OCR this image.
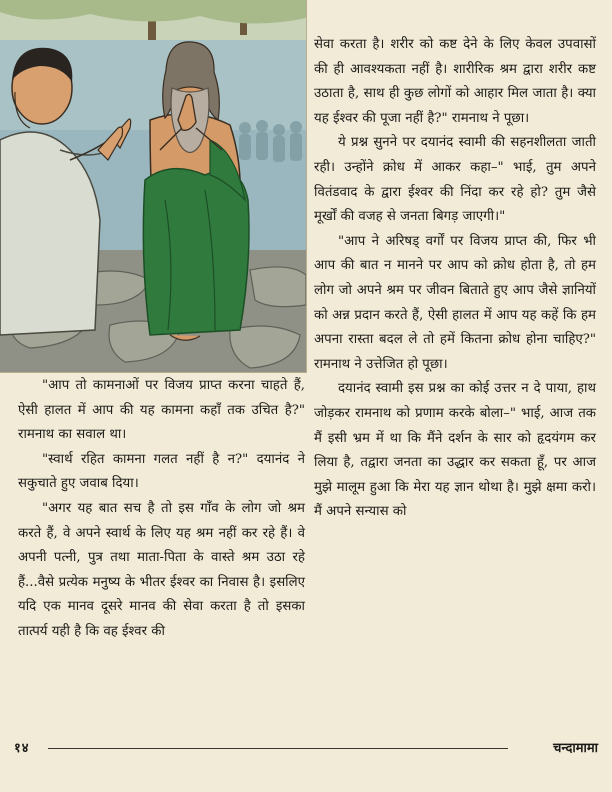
सेवा करता है। शरीर को कष्ट देने के लिए केवल उपवासों की ही आवश्यकता नहीं है। शारीरिक श्रम द्वारा शरीर कष्ट उठाता है, साथ ही कुछ लोगों को आहार मिल जाता है। क्या यह ईश्वर की पूजा नहीं है?" रामनाथ ने पूछा।

ये प्रश्न सुनने पर दयानंद स्वामी की सहनशीलता जाती रही। उन्होंने क्रोध में आकर कहा–" भाई, तुम अपने वितंडवाद के द्वारा ईश्वर की निंदा कर रहे हो? तुम जैसे मूर्खों की वजह से जनता बिगड़ जाएगी।"

"आप ने अरिषड् वर्गों पर विजय प्राप्त की, फिर भी आप की बात न मानने पर आप को क्रोध होता है, तो हम लोग जो अपने श्रम पर जीवन बिताते हुए आप जैसे ज्ञानियों को अन्न प्रदान करते हैं, ऐसी हालत में आप यह कहें कि हम अपना रास्ता बदल ले तो हमें कितना क्रोध होना चाहिए?" रामनाथ ने उत्तेजित हो पूछा।

दयानंद स्वामी इस प्रश्न का कोई उत्तर न दे पाया, हाथ जोड़कर रामनाथ को प्रणाम करके बोला–" भाई, आज तक मैं इसी भ्रम में था कि मैंने दर्शन के सार को हृदयंगम कर लिया है, तद्वारा जनता का उद्धार कर सकता हूँ, पर आज मुझे मालूम हुआ कि मेरा यह ज्ञान थोथा है। मुझे क्षमा करो। मैं अपने सन्यास को

"आप तो कामनाओं पर विजय प्राप्त करना चाहते हैं, ऐसी हालत में आप की यह कामना कहाँ तक उचित है?" रामनाथ का सवाल था।

"स्वार्थ रहित कामना गलत नहीं है न?" दयानंद ने सकुचाते हुए जवाब दिया।

"अगर यह बात सच है तो इस गाँव के लोग जो श्रम करते हैं, वे अपने स्वार्थ के लिए यह श्रम नहीं कर रहे हैं। वे अपनी पत्नी, पुत्र तथा माता-पिता के वास्ते श्रम उठा रहे हैं...वैसे प्रत्येक मनुष्य के भीतर ईश्वर का निवास है। इसलिए यदि एक मानव दूसरे मानव की सेवा करता है तो इसका तात्पर्य यही है कि वह ईश्वर की

१४	चन्दामामा
